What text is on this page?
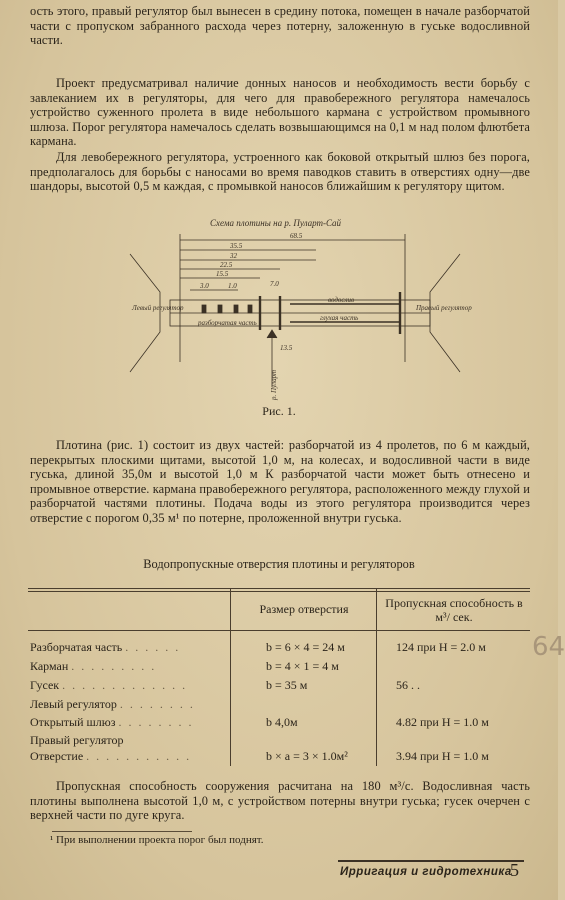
ость этого, правый регулятор был вынесен в средину потока, помещен в начале разборчатой части с пропуском забранного расхода через потерну, заложенную в гуське водосливной части.
Проект предусматривал наличие донных наносов и необходимость вести борьбу с завлеканием их в регуляторы, для чего для правобережного регулятора намечалось устройство суженного пролета в виде небольшого кармана с устройством промывного шлюза. Порог регулятора намечалось сделать возвышающимся на 0,1 м над полом флютбета кармана.
Для левобережного регулятора, устроенного как боковой открытый шлюз без порога, предполагалось для борьбы с наносами во время паводков ставить в отверстиях одну—две шандоры, высотой 0,5 м каждая, с промывкой наносов ближайшим к регулятору щитом.
Схема плотины на р. Пуларт-Сай
68.5
35.5
32
22.5
15.5
7.0
3.0	1.0
13.5
Левый регулятор
разборчатая часть
водослив
глухая часть
Правый регулятор
р. Пуларт
Рис. 1.
Плотина (рис. 1) состоит из двух частей: разборчатой из 4 пролетов, по 6 м каждый, перекрытых плоскими щитами, высотой 1,0 м, на колесах, и водосливной части в виде гуська, длиной 35,0м и высотой 1,0 м К разборчатой части может быть отнесено и промывное отверстие. кармана правобережного регулятора, расположенного между глухой и разборчатой частями плотины. Подача воды из этого регулятора производится через отверстие с порогом 0,35 м¹ по потерне, проложенной внутри гуська.
Водопропускные отверстия плотины и регуляторов
Размер отверстия	Пропускная способность в м³/ сек.
Разборчатая часть . . . . . .	b = 6 × 4 = 24 м	124 при H = 2.0 м
Карман . . . . . . . . .	b = 4 × 1 = 4 м
Гусек . . . . . . . . . . . . .	b = 35 м	56 . .
Левый регулятор . . . . . . . .
Открытый шлюз . . . . . . . .	b 4,0м	4.82 при H = 1.0 м
Правый регулятор
Отверстие . . . . . . . . . . .	b × a = 3 × 1.0м²	3.94 при H = 1.0 м
64
Пропускная способность сооружения расчитана на 180 м³/с. Водосливная часть плотины выполнена высотой 1,0 м, с устройством потерны внутри гуська; гусек очерчен с верхней части по дуге круга.
¹ При выполнении проекта порог был поднят.
Ирригация и гидротехника
5
